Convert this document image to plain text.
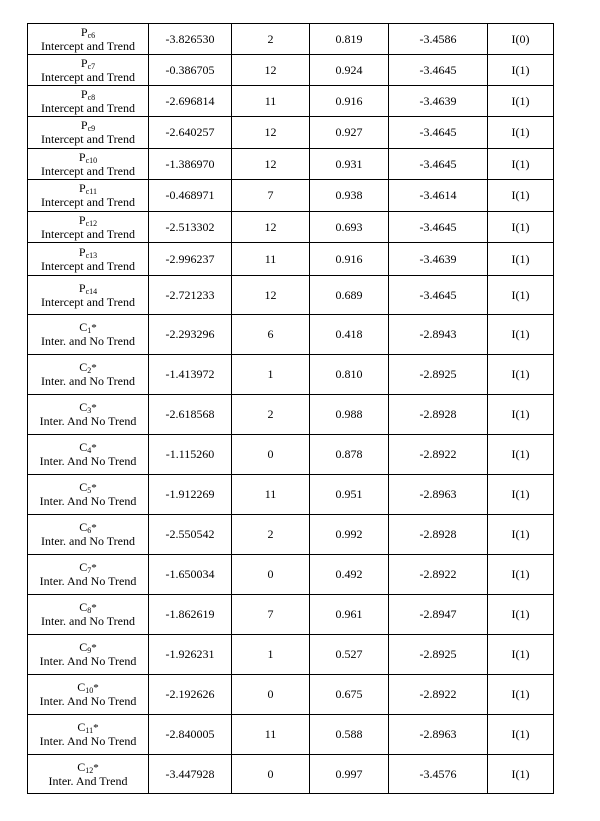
$P_{c6}$
Intercept and Trend	-3.826530	2	0.819	-3.4586	I(0)

$P_{c7}$
Intercept and Trend	-0.386705	12	0.924	-3.4645	I(1)

$P_{c8}$
Intercept and Trend	-2.696814	11	0.916	-3.4639	I(1)

$P_{c9}$
Intercept and Trend	-2.640257	12	0.927	-3.4645	I(1)

$P_{c10}$
Intercept and Trend	-1.386970	12	0.931	-3.4645	I(1)

$P_{c11}$
Intercept and Trend	-0.468971	7	0.938	-3.4614	I(1)

$P_{c12}$
Intercept and Trend	-2.513302	12	0.693	-3.4645	I(1)

$P_{c13}$
Intercept and Trend	-2.996237	11	0.916	-3.4639	I(1)

$P_{c14}$
Intercept and Trend	-2.721233	12	0.689	-3.4645	I(1)

$C_1*$
Inter. and No Trend	-2.293296	6	0.418	-2.8943	I(1)

$C_2*$
Inter. and No Trend	-1.413972	1	0.810	-2.8925	I(1)

$C_3*$
Inter. And No Trend	-2.618568	2	0.988	-2.8928	I(1)

$C_4*$
Inter. And No Trend	-1.115260	0	0.878	-2.8922	I(1)

$C_5*$
Inter. And No Trend	-1.912269	11	0.951	-2.8963	I(1)

$C_6*$
Inter. and No Trend	-2.550542	2	0.992	-2.8928	I(1)

$C_7*$
Inter. And No Trend	-1.650034	0	0.492	-2.8922	I(1)

$C_8*$
Inter. and No Trend	-1.862619	7	0.961	-2.8947	I(1)

$C_9*$
Inter. And No Trend	-1.926231	1	0.527	-2.8925	I(1)

$C_{10}*$
Inter. And No Trend	-2.192626	0	0.675	-2.8922	I(1)

$C_{11}*$
Inter. And No Trend	-2.840005	11	0.588	-2.8963	I(1)

$C_{12}*$
Inter. And Trend	-3.447928	0	0.997	-3.4576	I(1)
